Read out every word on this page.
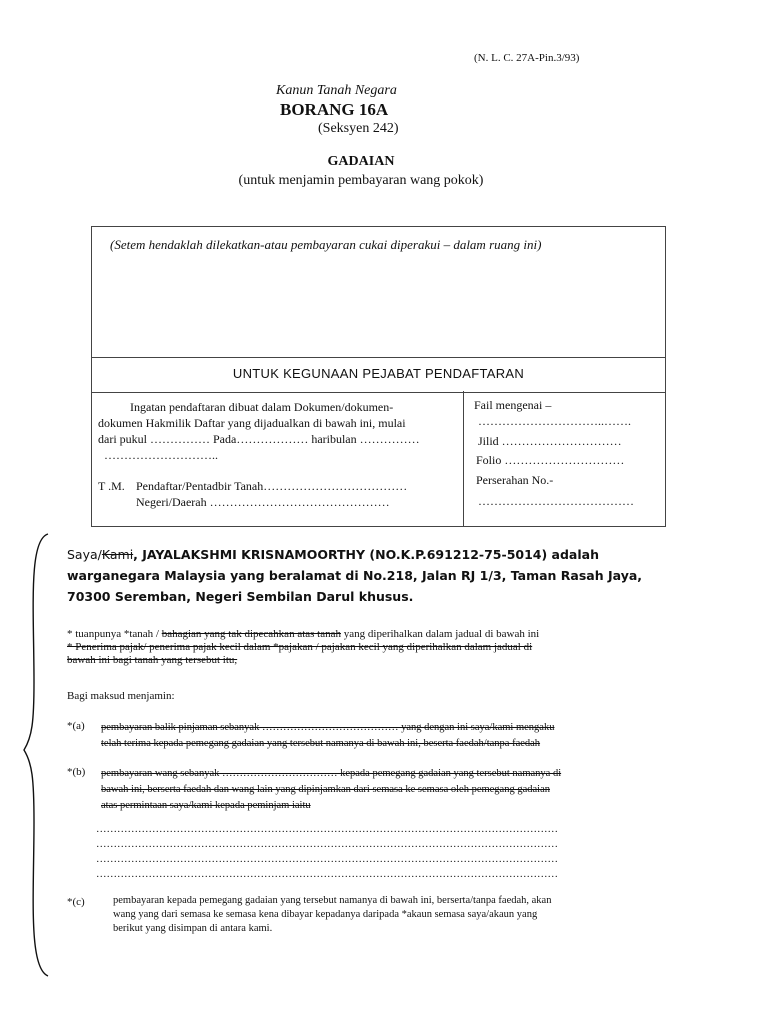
(N. L. C. 27A-Pin.3/93)
Kanun Tanah Negara
BORANG 16A
(Seksyen 242)
GADAIAN
(untuk menjamin pembayaran wang pokok)
(Setem hendaklah dilekatkan-atau pembayaran cukai diperakui – dalam ruang ini)
UNTUK KEGUNAAN PEJABAT PENDAFTARAN
Ingatan pendaftaran dibuat dalam Dokumen/dokumen-
dokumen Hakmilik Daftar yang dijadualkan di bawah ini, mulai
dari pukul …………… Pada……………… haribulan ……………
………………………..
T .M. Pendaftar/Pentadbir Tanah………………………………
Negeri/Daerah ………………………………………
Fail mengenai –
…………………………..…….
Jilid …………………………
Folio …………………………
Perserahan No.-
…………………………………
Saya/Kami, JAYALAKSHMI KRISNAMOORTHY (NO.K.P.691212-75-5014) adalah
warganegara Malaysia yang beralamat di No.218, Jalan RJ 1/3, Taman Rasah Jaya,
70300 Seremban, Negeri Sembilan Darul khusus.
* tuanpunya *tanah / bahagian yang tak dipecahkan atas tanah yang diperihalkan dalam jadual di bawah ini
* Penerima pajak/ penerima pajak kecil dalam *pajakan / pajakan kecil yang diperihalkan dalam jadual di
bawah ini bagi tanah yang tersebut itu,
Bagi maksud menjamin:
*(a) pembayaran balik pinjaman sebanyak ………………………………… yang dengan ini saya/kami mengaku
telah terima kepada pemegang gadaian yang tersebut namanya di bawah ini, beserta faedah/tanpa faedah
*(b) pembayaran wang sebanyak …………………………… kepada pemegang gadaian yang tersebut namanya di
bawah ini, berserta faedah dan wang lain yang dipinjamkan dari semasa ke semasa oleh pemegang gadaian
atas permintaan saya/kami kepada peminjam iaitu
……………………………………………………………………………………………………………………
……………………………………………………………………………………………………………………
……………………………………………………………………………………………………………………
……………………………………………………………………………………………………………………
*(c)	pembayaran kepada pemegang gadaian yang tersebut namanya di bawah ini, berserta/tanpa faedah, akan
wang yang dari semasa ke semasa kena dibayar kepadanya daripada *akaun semasa saya/akaun yang
berikut yang disimpan di antara kami.
